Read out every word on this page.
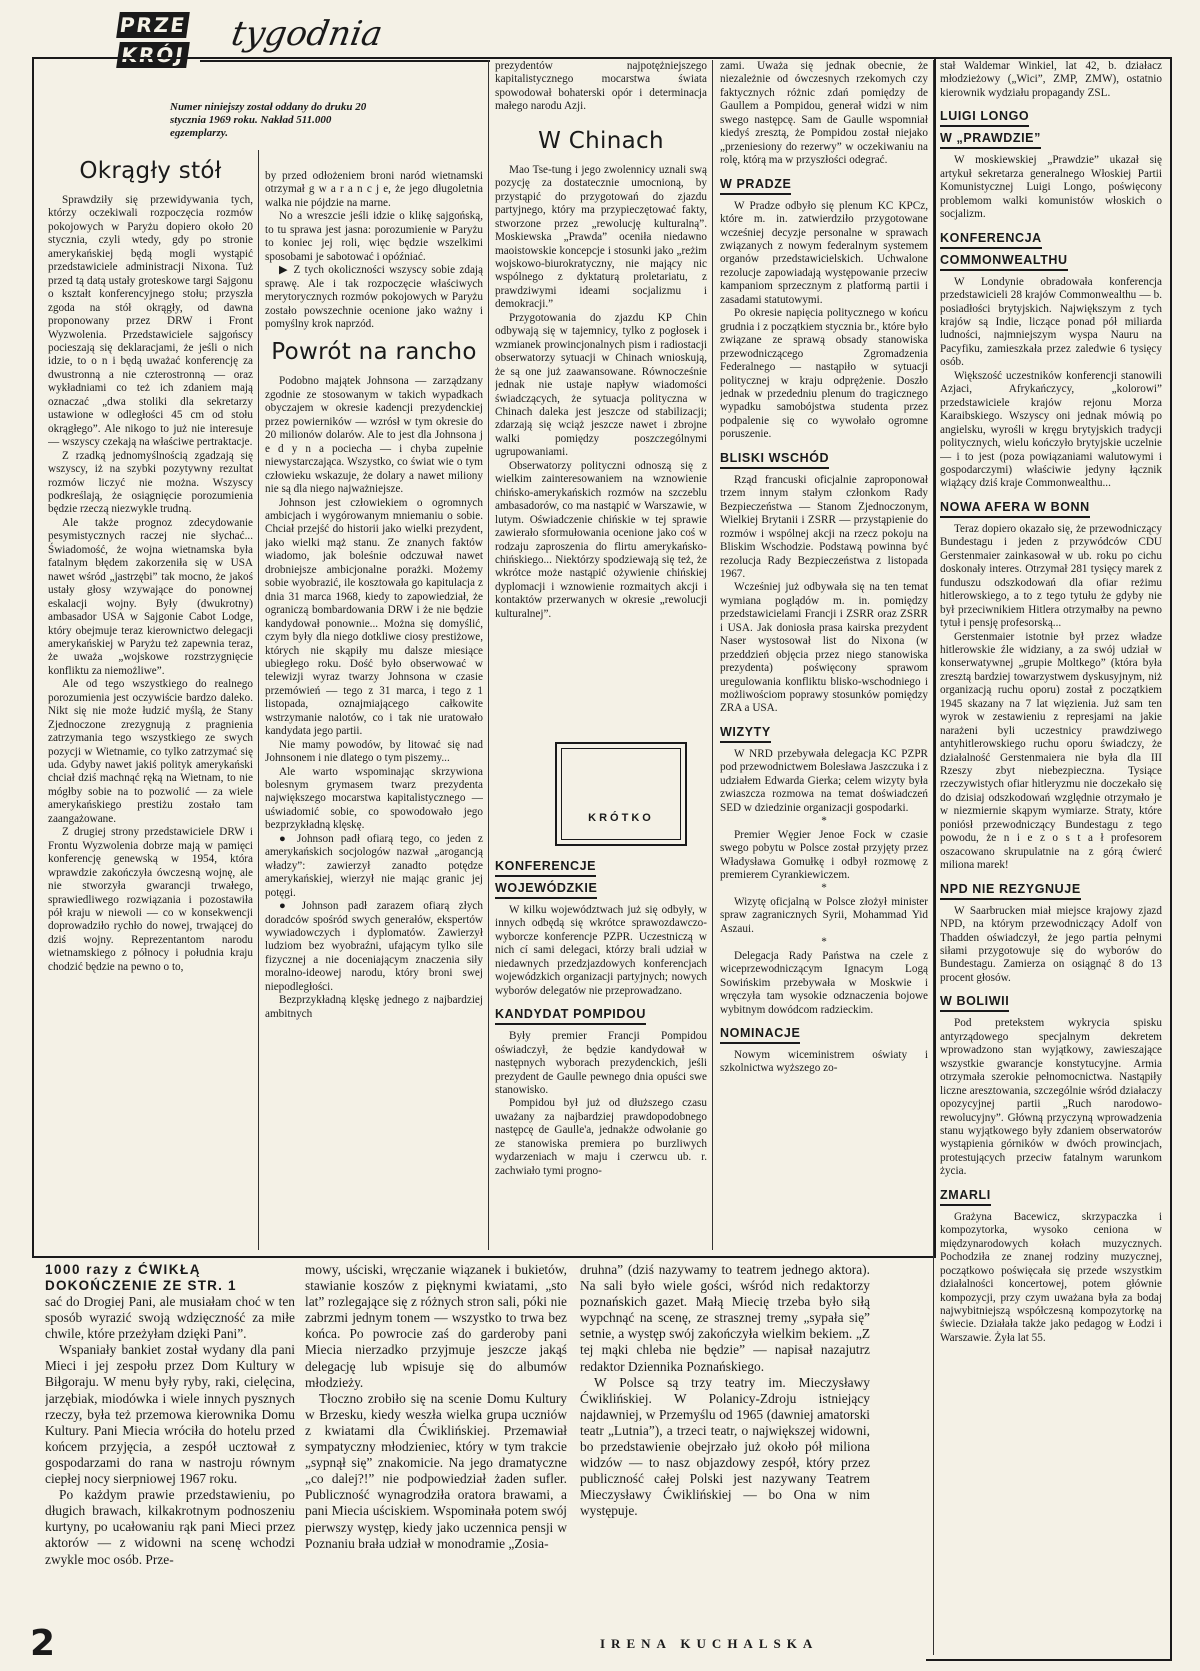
PRZE
KRÓJ
tygodnia
Numer niniejszy został oddany do druku 20 stycznia 1969 roku. Nakład 511.000 egzemplarzy.
Okrągły stół

Sprawdziły się przewidywania tych, którzy oczekiwali rozpoczęcia rozmów pokojowych w Paryżu dopiero około 20 stycznia, czyli wtedy, gdy po stronie amerykańskiej będą mogli wystąpić przedstawiciele administracji Nixona. Tuż przed tą datą ustały groteskowe targi Sajgonu o kształt konferencyjnego stołu; przyszła zgoda na stół okrągły, od dawna proponowany przez DRW i Front Wyzwolenia. Przedstawiciele sajgońscy pocieszają się deklaracjami, że jeśli o nich idzie, to o n i będą uważać konferencję za dwustronną a nie czterostronną — oraz wykładniami co też ich zdaniem mają oznaczać „dwa stoliki dla sekretarzy ustawione w odległości 45 cm od stołu okrągłego”. Ale nikogo to już nie interesuje — wszyscy czekają na właściwe pertraktacje.

Z rzadką jednomyślnością zgadzają się wszyscy, iż na szybki pozytywny rezultat rozmów liczyć nie można. Wszyscy podkreślają, że osiągnięcie porozumienia będzie rzeczą niezwykle trudną.

Ale także prognoz zdecydowanie pesymistycznych raczej nie słychać... Świadomość, że wojna wietnamska była fatalnym błędem zakorzeniła się w USA nawet wśród „jastrzębi” tak mocno, że jakoś ustały głosy wzywające do ponownej eskalacji wojny. Były (dwukrotny) ambasador USA w Sajgonie Cabot Lodge, który obejmuje teraz kierownictwo delegacji amerykańskiej w Paryżu też zapewnia teraz, że uważa „wojskowe rozstrzygnięcie konfliktu za niemożliwe”.

Ale od tego wszystkiego do realnego porozumienia jest oczywiście bardzo daleko. Nikt się nie może łudzić myślą, że Stany Zjednoczone zrezygnują z pragnienia zatrzymania tego wszystkiego ze swych pozycji w Wietnamie, co tylko zatrzymać się uda. Gdyby nawet jakiś polityk amerykański chciał dziś machnąć ręką na Wietnam, to nie mógłby sobie na to pozwolić — za wiele amerykańskiego prestiżu zostało tam zaangażowane.

Z drugiej strony przedstawiciele DRW i Frontu Wyzwolenia dobrze mają w pamięci konferencję genewską w 1954, która wprawdzie zakończyła ówczesną wojnę, ale nie stworzyła gwarancji trwałego, sprawiedliwego rozwiązania i pozostawiła pół kraju w niewoli — co w konsekwencji doprowadziło rychło do nowej, trwającej do dziś wojny. Reprezentantom narodu wietnamskiego z północy i południa kraju chodzić będzie na pewno o to,

by przed odłożeniem broni naród wietnamski otrzymał g w a r a n c j e, że jego długoletnia walka nie pójdzie na marne.

No a wreszcie jeśli idzie o klikę sajgońską, to tu sprawa jest jasna: porozumienie w Paryżu to koniec jej roli, więc będzie wszelkimi sposobami je sabotować i opóźniać.

▶ Z tych okoliczności wszyscy sobie zdają sprawę. Ale i tak rozpoczęcie właściwych merytorycznych rozmów pokojowych w Paryżu zostało powszechnie ocenione jako ważny i pomyślny krok naprzód.

Powrót na rancho

Podobno majątek Johnsona — zarządzany zgodnie ze stosowanym w takich wypadkach obyczajem w okresie kadencji prezydenckiej przez powierników — wzrósł w tym okresie do 20 milionów dolarów. Ale to jest dla Johnsona j e d y n a pociecha — i chyba zupełnie niewystarczająca. Wszystko, co świat wie o tym człowieku wskazuje, że dolary a nawet miliony nie są dla niego najważniejsze.

Johnson jest człowiekiem o ogromnych ambicjach i wygórowanym mniemaniu o sobie. Chciał przejść do historii jako wielki prezydent, jako wielki mąż stanu. Ze znanych faktów wiadomo, jak boleśnie odczuwał nawet drobniejsze ambicjonalne porażki. Możemy sobie wyobrazić, ile kosztowała go kapitulacja z dnia 31 marca 1968, kiedy to zapowiedział, że ograniczą bombardowania DRW i że nie będzie kandydował ponownie... Można się domyślić, czym były dla niego dotkliwe ciosy prestiżowe, których nie skąpiły mu dalsze miesiące ubiegłego roku. Dość było obserwować w telewizji wyraz twarzy Johnsona w czasie przemówień — tego z 31 marca, i tego z 1 listopada, oznajmiającego całkowite wstrzymanie nalotów, co i tak nie uratowało kandydata jego partii.

Nie mamy powodów, by litować się nad Johnsonem i nie dlatego o tym piszemy...

Ale warto wspominając skrzywiona bolesnym grymasem twarz prezydenta największego mocarstwa kapitalistycznego — uświadomić sobie, co spowodowało jego bezprzykładną klęskę.

● Johnson padł ofiarą tego, co jeden z amerykańskich socjologów nazwał „arogancją władzy”: zawierzył zanadto potędze amerykańskiej, wierzył nie mając granic jej potęgi.

● Johnson padł zarazem ofiarą złych doradców spośród swych generałów, ekspertów wywiadowczych i dyplomatów. Zawierzył ludziom bez wyobraźni, ufającym tylko sile fizycznej a nie doceniającym znaczenia siły moralno-ideowej narodu, który broni swej niepodległości.

Bezprzykładną klęskę jednego z najbardziej ambitnych

prezydentów najpotężniejszego kapitalistycznego mocarstwa świata spowodował bohaterski opór i determinacja małego narodu Azji.

W Chinach

Mao Tse-tung i jego zwolennicy uznali swą pozycję za dostatecznie umocnioną, by przystąpić do przygotowań do zjazdu partyjnego, który ma przypieczętować fakty, stworzone przez „rewolucję kulturalną”. Moskiewska „Prawda” oceniła niedawno maoistowskie koncepcje i stosunki jako „reżim wojskowo-biurokratyczny, nie mający nic wspólnego z dyktaturą proletariatu, z prawdziwymi ideami socjalizmu i demokracji.”

Przygotowania do zjazdu KP Chin odbywają się w tajemnicy, tylko z pogłosek i wzmianek prowincjonalnych pism i radiostacji obserwatorzy sytuacji w Chinach wnioskują, że są one już zaawansowane. Równocześnie jednak nie ustaje napływ wiadomości świadczących, że sytuacja polityczna w Chinach daleka jest jeszcze od stabilizacji; zdarzają się wciąż jeszcze nawet i zbrojne walki pomiędzy poszczególnymi ugrupowaniami.

Obserwatorzy polityczni odnoszą się z wielkim zainteresowaniem na wznowienie chińsko-amerykańskich rozmów na szczeblu ambasadorów, co ma nastąpić w Warszawie, w lutym. Oświadczenie chińskie w tej sprawie zawierało sformułowania ocenione jako coś w rodzaju zaproszenia do flirtu amerykańsko-chińskiego... Niektórzy spodziewają się też, że wkrótce może nastąpić ożywienie chińskiej dyplomacji i wznowienie rozmaitych akcji i kontaktów przerwanych w okresie „rewolucji kulturalnej”.

KRÓTKO
KONFERENCJE
WOJEWÓDZKIE

W kilku województwach już się odbyły, w innych odbędą się wkrótce sprawozdawczo-wyborcze konferencje PZPR. Uczestniczą w nich cí sami delegaci, którzy brali udział w niedawnych przedzjazdowych konferencjach wojewódzkich organizacji partyjnych; nowych wyborów delegatów nie przeprowadzano.

KANDYDAT POMPIDOU

Były premier Francji Pompidou oświadczył, że będzie kandydował w następnych wyborach prezydenckich, jeśli prezydent de Gaulle pewnego dnia opuści swe stanowisko.

Pompidou był już od dłuższego czasu uważany za najbardziej prawdopodobnego następcę de Gaulle'a, jednakże odwołanie go ze stanowiska premiera po burzliwych wydarzeniach w maju i czerwcu ub. r. zachwiało tymi progno-

zami. Uważa się jednak obecnie, że niezależnie od ówczesnych rzekomych czy faktycznych różnic zdań pomiędzy de Gaullem a Pompidou, generał widzi w nim swego następcę. Sam de Gaulle wspomniał kiedyś zresztą, że Pompidou został niejako „przeniesiony do rezerwy” w oczekiwaniu na rolę, którą ma w przyszłości odegrać.

W PRADZE

W Pradze odbyło się plenum KC KPCz, które m. in. zatwierdziło przygotowane wcześniej decyzje personalne w sprawach związanych z nowym federalnym systemem organów przedstawicielskich. Uchwalone rezolucje zapowiadają występowanie przeciw kampaniom sprzecznym z platformą partii i zasadami statutowymi.

Po okresie napięcia politycznego w końcu grudnia i z początkiem stycznia br., które było związane ze sprawą obsady stanowiska przewodniczącego Zgromadzenia Federalnego — nastąpiło w sytuacji politycznej w kraju odprężenie. Doszło jednak w przededniu plenum do tragicznego wypadku samobójstwa studenta przez podpalenie się co wywołało ogromne poruszenie.

BLISKI WSCHÓD

Rząd francuski oficjalnie zaproponował trzem innym stałym członkom Rady Bezpieczeństwa — Stanom Zjednoczonym, Wielkiej Brytanii i ZSRR — przystąpienie do rozmów i wspólnej akcji na rzecz pokoju na Bliskim Wschodzie. Podstawą powinna być rezolucja Rady Bezpieczeństwa z listopada 1967.

Wcześniej już odbywała się na ten temat wymiana poglądów m. in. pomiędzy przedstawicielami Francji i ZSRR oraz ZSRR i USA. Jak doniosła prasa kairska prezydent Naser wystosował list do Nixona (w przeddzień objęcia przez niego stanowiska prezydenta) poświęcony sprawom uregulowania konfliktu blisko-wschodniego i możliwościom poprawy stosunków pomiędzy ZRA a USA.

WIZYTY

W NRD przebywała delegacja KC PZPR pod przewodnictwem Bolesława Jaszczuka i z udziałem Edwarda Gierka; celem wizyty była zwiaszcza rozmowa na temat doświadczeń SED w dziedzinie organizacji gospodarki.

*

Premier Węgier Jenoe Fock w czasie swego pobytu w Polsce został przyjęty przez Władysława Gomułkę i odbył rozmowę z premierem Cyrankiewiczem.

*

Wizytę oficjalną w Polsce złożył minister spraw zagranicznych Syrii, Mohammad Yid Aszaui.

*

Delegacja Rady Państwa na czele z wiceprzewodniczącym Ignacym Logą Sowińskim przebywała w Moskwie i wręczyła tam wysokie odznaczenia bojowe wybitnym dowódcom radzieckim.

NOMINACJE

Nowym wiceministrem oświaty i szkolnictwa wyższego zo-

stał Waldemar Winkiel, lat 42, b. działacz młodzieżowy („Wici”, ZMP, ZMW), ostatnio kierownik wydziału propagandy ZSL.

LUIGI LONGO
W „PRAWDZIE”

W moskiewskiej „Prawdzie” ukazał się artykuł sekretarza generalnego Włoskiej Partii Komunistycznej Luigi Longo, poświęcony problemom walki komunistów włoskich o socjalizm.

KONFERENCJA
COMMONWEALTHU

W Londynie obradowała konferencja przedstawicieli 28 krajów Commonwealthu — b. posiadłości brytyjskich. Największym z tych krajów są Indie, liczące ponad pół miliarda ludności, najmniejszym wyspa Nauru na Pacyfiku, zamieszkała przez zaledwie 6 tysięcy osób.

Większość uczestników konferencji stanowili Azjaci, Afrykańczycy, „kolorowi” przedstawiciele krajów rejonu Morza Karaibskiego. Wszyscy oni jednak mówią po angielsku, wyrośli w kręgu brytyjskich tradycji politycznych, wielu kończyło brytyjskie uczelnie — i to jest (poza powiązaniami walutowymi i gospodarczymi) właściwie jedyny łącznik wiążący dziś kraje Commonwealthu...

NOWA AFERA W BONN

Teraz dopiero okazało się, że przewodniczący Bundestagu i jeden z przywódców CDU Gerstenmaier zainkasował w ub. roku po cichu doskonały interes. Otrzymał 281 tysięcy marek z funduszu odszkodowań dla ofiar reżimu hitlerowskiego, a to z tego tytułu że gdyby nie był przeciwnikiem Hitlera otrzymałby na pewno tytuł i pensję profesorską...

Gerstenmaier istotnie był przez władze hitlerowskie źle widziany, a za swój udział w konserwatywnej „grupie Moltkego” (która była zresztą bardziej towarzystwem dyskusyjnym, niż organizacją ruchu oporu) został z początkiem 1945 skazany na 7 lat więzienia. Już sam ten wyrok w zestawieniu z represjami na jakie narażeni byli uczestnicy prawdziwego antyhitlerowskiego ruchu oporu świadczy, że działalność Gerstenmaiera nie była dla III Rzeszy zbyt niebezpieczna. Tysiące rzeczywistych ofiar hitleryzmu nie doczekało się do dzisiaj odszkodowań względnie otrzymało je w niezmiernie skąpym wymiarze. Straty, które poniósł przewodniczący Bundestagu z tego powodu, że n i e z o s t a ł profesorem oszacowano skrupulatnie na z górą ćwierć miliona marek!

NPD NIE REZYGNUJE

W Saarbrucken miał miejsce krajowy zjazd NPD, na którym przewodniczący Adolf von Thadden oświadczył, że jego partia pełnymi siłami przygotowuje się do wyborów do Bundestagu. Zamierza on osiągnąć 8 do 13 procent głosów.

W BOLIWII

Pod pretekstem wykrycia spisku antyrządowego specjalnym dekretem wprowadzono stan wyjątkowy, zawieszające wszystkie gwarancje konstytucyjne. Armia otrzymała szerokie pełnomocnictwa. Nastąpiły liczne aresztowania, szczególnie wśród działaczy opozycyjnej partii „Ruch narodowo-rewolucyjny”. Główną przyczyną wprowadzenia stanu wyjątkowego były zdaniem obserwatorów wystąpienia górników w dwóch prowincjach, protestujących przeciw fatalnym warunkom życia.

ZMARLI

Grażyna Bacewicz, skrzypaczka i kompozytorka, wysoko ceniona w międzynarodowych kołach muzycznych. Pochodziła ze znanej rodziny muzycznej, początkowo poświęcała się przede wszystkim działalności koncertowej, potem głównie kompozycji, przy czym uważana była za bodaj najwybitniejszą współczesną kompozytorkę na świecie. Działała także jako pedagog w Łodzi i Warszawie. Żyła lat 55.

1000 razy z ĆWIKŁĄ
DOKOŃCZENIE ZE STR. 1

sać do Drogiej Pani, ale musiałam choć w ten sposób wyrazić swoją wdzięczność za miłe chwile, które przeżyłam dzięki Pani”.

Wspaniały bankiet został wydany dla pani Mieci i jej zespołu przez Dom Kultury w Biłgoraju. W menu były ryby, raki, cielęcina, jarzębiak, miodówka i wiele innych pysznych rzeczy, była też przemowa kierownika Domu Kultury. Pani Miecia wróciła do hotelu przed końcem przyjęcia, a zespół ucztował z gospodarzami do rana w nastroju równym ciepłej nocy sierpniowej 1967 roku.

Po każdym prawie przedstawieniu, po długich brawach, kilkakrotnym podnoszeniu kurtyny, po ucałowaniu rąk pani Mieci przez aktorów — z widowni na scenę wchodzi zwykle moc osób. Prze-

mowy, uściski, wręczanie wiązanek i bukietów, stawianie koszów z pięknymi kwiatami, „sto lat” rozlegające się z różnych stron sali, póki nie zabrzmi jednym tonem — wszystko to trwa bez końca. Po powrocie zaś do garderoby pani Miecia nierzadko przyjmuje jeszcze jakąś delegację lub wpisuje się do albumów młodzieży.

Tłoczno zrobiło się na scenie Domu Kultury w Brzesku, kiedy weszła wielka grupa uczniów z kwiatami dla Ćwiklińskiej. Przemawiał sympatyczny młodzieniec, który w tym trakcie „sypnął się” znakomicie. Na jego dramatyczne „co dalej?!” nie podpowiedział żaden sufler. Publiczność wynagrodziła oratora brawami, a pani Miecia uściskiem. Wspominała potem swój pierwszy występ, kiedy jako uczennica pensji w Poznaniu brała udział w monodramie „Zosia-

druhna” (dziś nazywamy to teatrem jednego aktora). Na sali było wiele gości, wśród nich redaktorzy poznańskich gazet. Małą Miecię trzeba było siłą wypchnąć na scenę, ze strasznej tremy „sypała się” setnie, a występ swój zakończyła wielkim bekiem. „Z tej mąki chleba nie będzie” — napisał nazajutrz redaktor Dziennika Poznańskiego.

W Polsce są trzy teatry im. Mieczysławy Ćwiklińskiej. W Polanicy-Zdroju istniejący najdawniej, w Przemyślu od 1965 (dawniej amatorski teatr „Lutnia”), a trzeci teatr, o największej widowni, bo przedstawienie obejrzało już około pół miliona widzów — to nasz objazdowy zespół, który przez publiczność całej Polski jest nazywany Teatrem Mieczysławy Ćwiklińskiej — bo Ona w nim występuje.

IRENA KUCHALSKA
2
